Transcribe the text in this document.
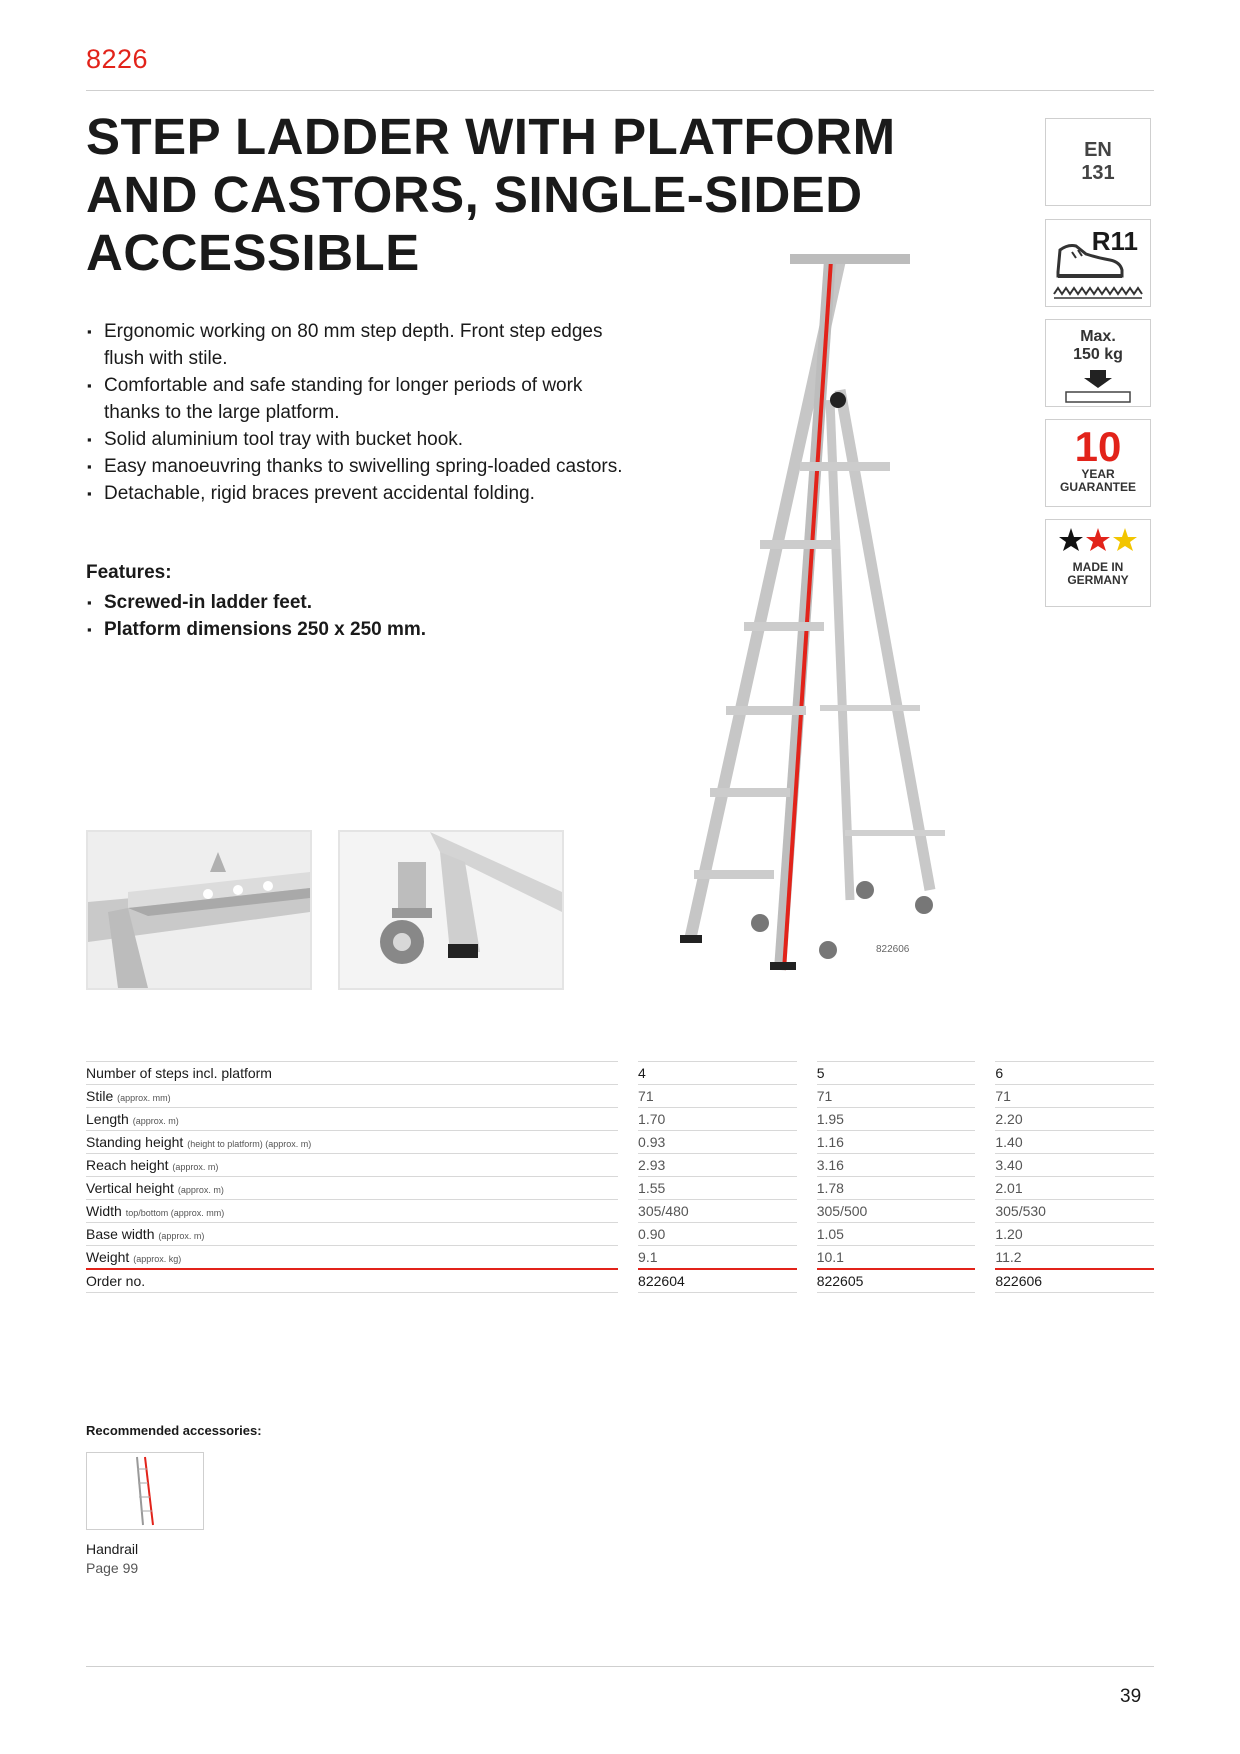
8226
STEP LADDER WITH PLATFORM
AND CASTORS, SINGLE-SIDED
ACCESSIBLE
▪ Ergonomic working on 80 mm step depth. Front step edges flush with stile.
▪ Comfortable and safe standing for longer periods of work thanks to the large platform.
▪ Solid aluminium tool tray with bucket hook.
▪ Easy manoeuvring thanks to swivelling spring-loaded castors.
▪ Detachable, rigid braces prevent accidental folding.
Features:
▪ Screwed-in ladder feet.
▪ Platform dimensions 250 x 250 mm.
EN
131
R11
Max.
150 kg
10
YEAR
GUARANTEE
MADE IN
GERMANY
822606
Number of steps incl. platform		4		5		6
Stile (approx. mm)		71		71		71
Length (approx. m)		1.70		1.95		2.20
Standing height (height to platform) (approx. m)		0.93		1.16		1.40
Reach height (approx. m)		2.93		3.16		3.40
Vertical height (approx. m)		1.55		1.78		2.01
Width top/bottom (approx. mm)		305/480		305/500		305/530
Base width (approx. m)		0.90		1.05		1.20
Weight (approx. kg)		9.1		10.1		11.2
Order no.		822604		822605		822606
Recommended accessories:
Handrail
Page 99
39
